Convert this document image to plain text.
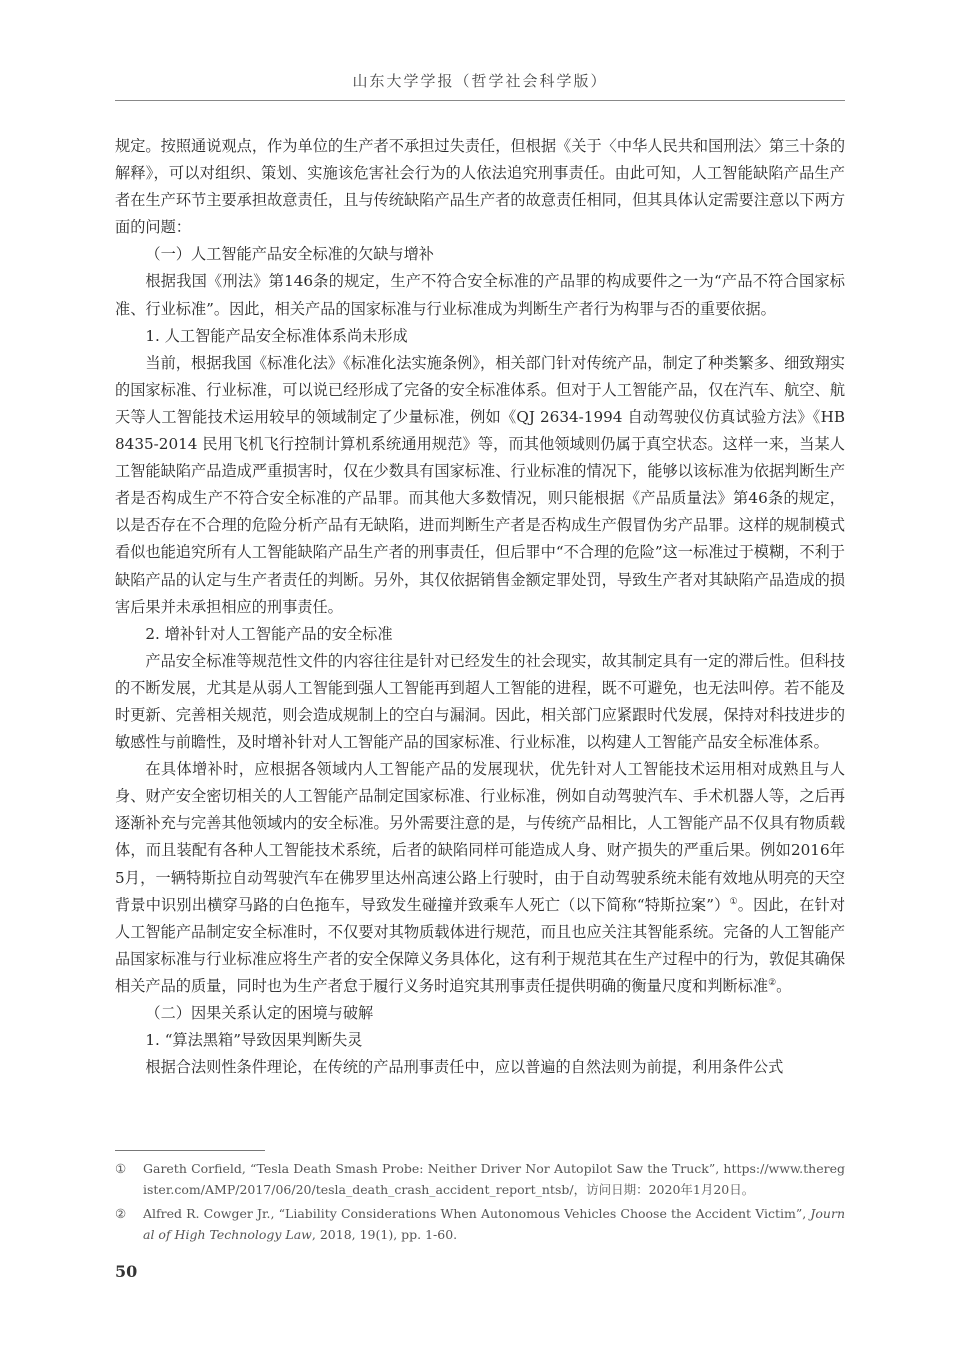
山东大学学报（哲学社会科学版）

规定。按照通说观点，作为单位的生产者不承担过失责任，但根据《关于〈中华人民共和国刑法〉第三十条的解释》，可以对组织、策划、实施该危害社会行为的人依法追究刑事责任。由此可知，人工智能缺陷产品生产者在生产环节主要承担故意责任，且与传统缺陷产品生产者的故意责任相同，但其具体认定需要注意以下两方面的问题：

（一）人工智能产品安全标准的欠缺与增补

根据我国《刑法》第146条的规定，生产不符合安全标准的产品罪的构成要件之一为“产品不符合国家标准、行业标准”。因此，相关产品的国家标准与行业标准成为判断生产者行为构罪与否的重要依据。

1. 人工智能产品安全标准体系尚未形成

当前，根据我国《标准化法》《标准化法实施条例》，相关部门针对传统产品，制定了种类繁多、细致翔实的国家标准、行业标准，可以说已经形成了完备的安全标准体系。但对于人工智能产品，仅在汽车、航空、航天等人工智能技术运用较早的领域制定了少量标准，例如《QJ 2634-1994 自动驾驶仪仿真试验方法》《HB 8435-2014 民用飞机飞行控制计算机系统通用规范》等，而其他领域则仍属于真空状态。这样一来，当某人工智能缺陷产品造成严重损害时，仅在少数具有国家标准、行业标准的情况下，能够以该标准为依据判断生产者是否构成生产不符合安全标准的产品罪。而其他大多数情况，则只能根据《产品质量法》第46条的规定，以是否存在不合理的危险分析产品有无缺陷，进而判断生产者是否构成生产假冒伪劣产品罪。这样的规制模式看似也能追究所有人工智能缺陷产品生产者的刑事责任，但后罪中“不合理的危险”这一标准过于模糊，不利于缺陷产品的认定与生产者责任的判断。另外，其仅依据销售金额定罪处罚，导致生产者对其缺陷产品造成的损害后果并未承担相应的刑事责任。

2. 增补针对人工智能产品的安全标准

产品安全标准等规范性文件的内容往往是针对已经发生的社会现实，故其制定具有一定的滞后性。但科技的不断发展，尤其是从弱人工智能到强人工智能再到超人工智能的进程，既不可避免，也无法叫停。若不能及时更新、完善相关规范，则会造成规制上的空白与漏洞。因此，相关部门应紧跟时代发展，保持对科技进步的敏感性与前瞻性，及时增补针对人工智能产品的国家标准、行业标准，以构建人工智能产品安全标准体系。

在具体增补时，应根据各领域内人工智能产品的发展现状，优先针对人工智能技术运用相对成熟且与人身、财产安全密切相关的人工智能产品制定国家标准、行业标准，例如自动驾驶汽车、手术机器人等，之后再逐渐补充与完善其他领域内的安全标准。另外需要注意的是，与传统产品相比，人工智能产品不仅具有物质载体，而且装配有各种人工智能技术系统，后者的缺陷同样可能造成人身、财产损失的严重后果。例如2016年5月，一辆特斯拉自动驾驶汽车在佛罗里达州高速公路上行驶时，由于自动驾驶系统未能有效地从明亮的天空背景中识别出横穿马路的白色拖车，导致发生碰撞并致乘车人死亡（以下简称“特斯拉案”）①。因此，在针对人工智能产品制定安全标准时，不仅要对其物质载体进行规范，而且也应关注其智能系统。完备的人工智能产品国家标准与行业标准应将生产者的安全保障义务具体化，这有利于规范其在生产过程中的行为，敦促其确保相关产品的质量，同时也为生产者怠于履行义务时追究其刑事责任提供明确的衡量尺度和判断标准②。

（二）因果关系认定的困境与破解

1. “算法黑箱”导致因果判断失灵

根据合法则性条件理论，在传统的产品刑事责任中，应以普遍的自然法则为前提，利用条件公式

①	Gareth Corfield, “Tesla Death Smash Probe: Neither Driver Nor Autopilot Saw the Truck”, https://www.theregister.com/AMP/2017/06/20/tesla_death_crash_accident_report_ntsb/，访问日期：2020年1月20日。
②	Alfred R. Cowger Jr., “Liability Considerations When Autonomous Vehicles Choose the Accident Victim”, Journal of High Technology Law, 2018, 19(1), pp. 1-60.
50
